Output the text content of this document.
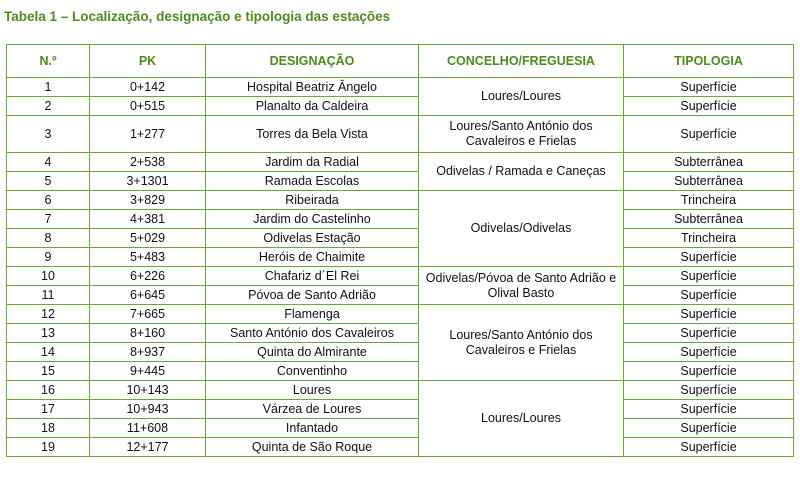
Tabela 1 – Localização, designação e tipologia das estações
N.º	PK	DESIGNAÇÃO	CONCELHO/FREGUESIA	TIPOLOGIA
1	0+142	Hospital Beatriz Ângelo	Loures/Loures	Superfície
2	0+515	Planalto da Caldeira		Superfície
3	1+277	Torres da Bela Vista	Loures/Santo António dos Cavaleiros e Frielas	Superfície
4	2+538	Jardim da Radial	Odivelas / Ramada e Caneças	Subterrânea
5	3+1301	Ramada Escolas		Subterrânea
6	3+829	Ribeirada	Odivelas/Odivelas	Trincheira
7	4+381	Jardim do Castelinho		Subterrânea
8	5+029	Odivelas Estação		Trincheira
9	5+483	Heróis de Chaimite		Superfície
10	6+226	Chafariz d´El Rei	Odivelas/Póvoa de Santo Adrião e Olival Basto	Superfície
11	6+645	Póvoa de Santo Adrião		Superfície
12	7+665	Flamenga	Loures/Santo António dos Cavaleiros e Frielas	Superfície
13	8+160	Santo António dos Cavaleiros		Superfície
14	8+937	Quinta do Almirante		Superfície
15	9+445	Conventinho		Superfície
16	10+143	Loures	Loures/Loures	Superfície
17	10+943	Várzea de Loures		Superfície
18	11+608	Infantado		Superfície
19	12+177	Quinta de São Roque		Superfície
